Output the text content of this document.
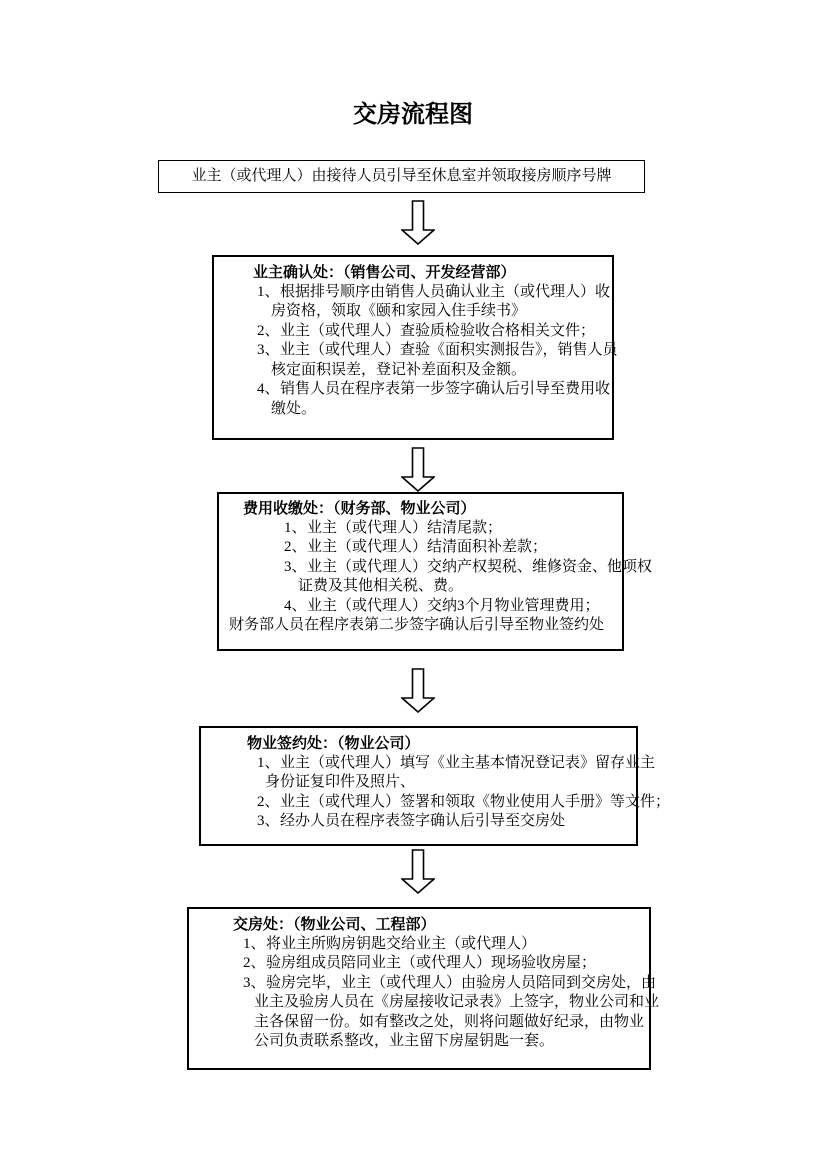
交房流程图
业主（或代理人）由接待人员引导至休息室并领取接房顺序号牌
业主确认处：（销售公司、开发经营部）
1、根据排号顺序由销售人员确认业主（或代理人）收
房资格，领取《颐和家园入住手续书》
2、业主（或代理人）查验质检验收合格相关文件；
3、业主（或代理人）查验《面积实测报告》，销售人员
核定面积误差，登记补差面积及金额。
4、销售人员在程序表第一步签字确认后引导至费用收
缴处。
费用收缴处：（财务部、物业公司）
1、业主（或代理人）结清尾款；
2、业主（或代理人）结清面积补差款；
3、业主（或代理人）交纳产权契税、维修资金、他项权
证费及其他相关税、费。
4、业主（或代理人）交纳3个月物业管理费用；
财务部人员在程序表第二步签字确认后引导至物业签约处
物业签约处：（物业公司）
1、业主（或代理人）填写《业主基本情况登记表》留存业主
身份证复印件及照片、
2、业主（或代理人）签署和领取《物业使用人手册》等文件；
3、经办人员在程序表签字确认后引导至交房处
交房处：（物业公司、工程部）
1、将业主所购房钥匙交给业主（或代理人）
2、验房组成员陪同业主（或代理人）现场验收房屋；
3、验房完毕，业主（或代理人）由验房人员陪同到交房处，由
业主及验房人员在《房屋接收记录表》上签字，物业公司和业
主各保留一份。如有整改之处，则将问题做好纪录，由物业
公司负责联系整改，业主留下房屋钥匙一套。
